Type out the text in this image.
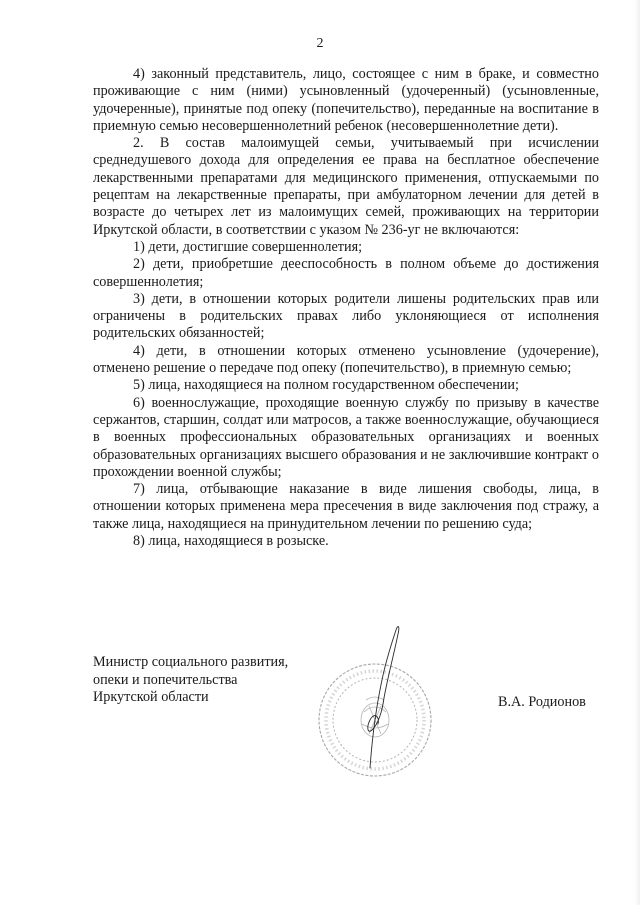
2

4) законный представитель, лицо, состоящее с ним в браке, и совместно проживающие с ним (ними) усыновленный (удочеренный) (усыновленные, удочеренные), принятые под опеку (попечительство), переданные на воспитание в приемную семью несовершеннолетний ребенок (несовершеннолетние дети).

2. В состав малоимущей семьи, учитываемый при исчислении среднедушевого дохода для определения ее права на бесплатное обеспечение лекарственными препаратами для медицинского применения, отпускаемыми по рецептам на лекарственные препараты, при амбулаторном лечении для детей в возрасте до четырех лет из малоимущих семей, проживающих на территории Иркутской области, в соответствии с указом № 236-уг не включаются:

1) дети, достигшие совершеннолетия;

2) дети, приобретшие дееспособность в полном объеме до достижения совершеннолетия;

3) дети, в отношении которых родители лишены родительских прав или ограничены в родительских правах либо уклоняющиеся от исполнения родительских обязанностей;

4) дети, в отношении которых отменено усыновление (удочерение), отменено решение о передаче под опеку (попечительство), в приемную семью;

5) лица, находящиеся на полном государственном обеспечении;

6) военнослужащие, проходящие военную службу по призыву в качестве сержантов, старшин, солдат или матросов, а также военнослужащие, обучающиеся в военных профессиональных образовательных организациях и военных образовательных организациях высшего образования и не заключившие контракт о прохождении военной службы;

7) лица, отбывающие наказание в виде лишения свободы, лица, в отношении которых применена мера пресечения в виде заключения под стражу, а также лица, находящиеся на принудительном лечении по решению суда;

8) лица, находящиеся в розыске.

Министр социального развития,
опеки и попечительства
Иркутской области	В.А. Родионов
